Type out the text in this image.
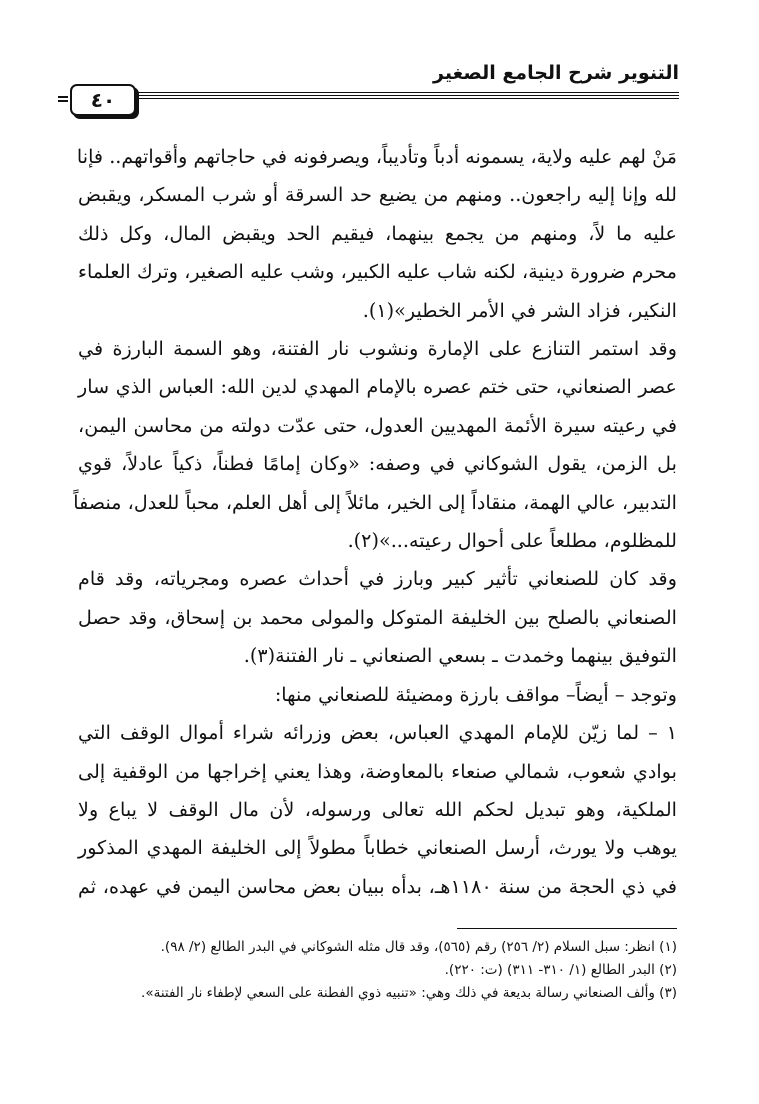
التنوير شرح الجامع الصغير
٤٠
مَنْ لهم عليه ولاية، يسمونه أدباً وتأديباً، ويصرفونه في حاجاتهم وأقواتهم.. فإنا
لله وإنا إليه راجعون.. ومنهم من يضيع حد السرقة أو شرب المسكر، ويقبض
عليه ما لاً، ومنهم من يجمع بينهما، فيقيم الحد ويقبض المال، وكل ذلك
محرم ضرورة دينية، لكنه شاب عليه الكبير، وشب عليه الصغير، وترك العلماء
النكير، فزاد الشر في الأمر الخطير»(١).
وقد استمر التنازع على الإمارة ونشوب نار الفتنة، وهو السمة البارزة في
عصر الصنعاني، حتى ختم عصره بالإمام المهدي لدين الله: العباس الذي سار
في رعيته سيرة الأئمة المهديين العدول، حتى عدّت دولته من محاسن اليمن،
بل الزمن، يقول الشوكاني في وصفه: «وكان إمامًا فطناً، ذكياً عادلاً، قوي
التدبير، عالي الهمة، منقاداً إلى الخير، مائلاً إلى أهل العلم، محباً للعدل، منصفاً
للمظلوم، مطلعاً على أحوال رعيته...»(٢).
وقد كان للصنعاني تأثير كبير وبارز في أحداث عصره ومجرياته، وقد قام
الصنعاني بالصلح بين الخليفة المتوكل والمولى محمد بن إسحاق، وقد حصل
التوفيق بينهما وخمدت ـ بسعي الصنعاني ـ نار الفتنة(٣).
وتوجد – أيضاً– مواقف بارزة ومضيئة للصنعاني منها:
١ – لما زيّن للإمام المهدي العباس، بعض وزرائه شراء أموال الوقف التي
بوادي شعوب، شمالي صنعاء بالمعاوضة، وهذا يعني إخراجها من الوقفية إلى
الملكية، وهو تبديل لحكم الله تعالى ورسوله، لأن مال الوقف لا يباع ولا
يوهب ولا يورث، أرسل الصنعاني خطاباً مطولاً إلى الخليفة المهدي المذكور
في ذي الحجة من سنة ١١٨٠هـ، بدأه ببيان بعض محاسن اليمن في عهده، ثم
(١) انظر: سبل السلام (٢/ ٢٥٦) رقم (٥٦٥)، وقد قال مثله الشوكاني في البدر الطالع (٢/ ٩٨).
(٢) البدر الطالع (١/ ٣١٠- ٣١١) (ت: ٢٢٠).
(٣) وألف الصنعاني رسالة بديعة في ذلك وهي: «تنبيه ذوي الفطنة على السعي لإطفاء نار الفتنة».
